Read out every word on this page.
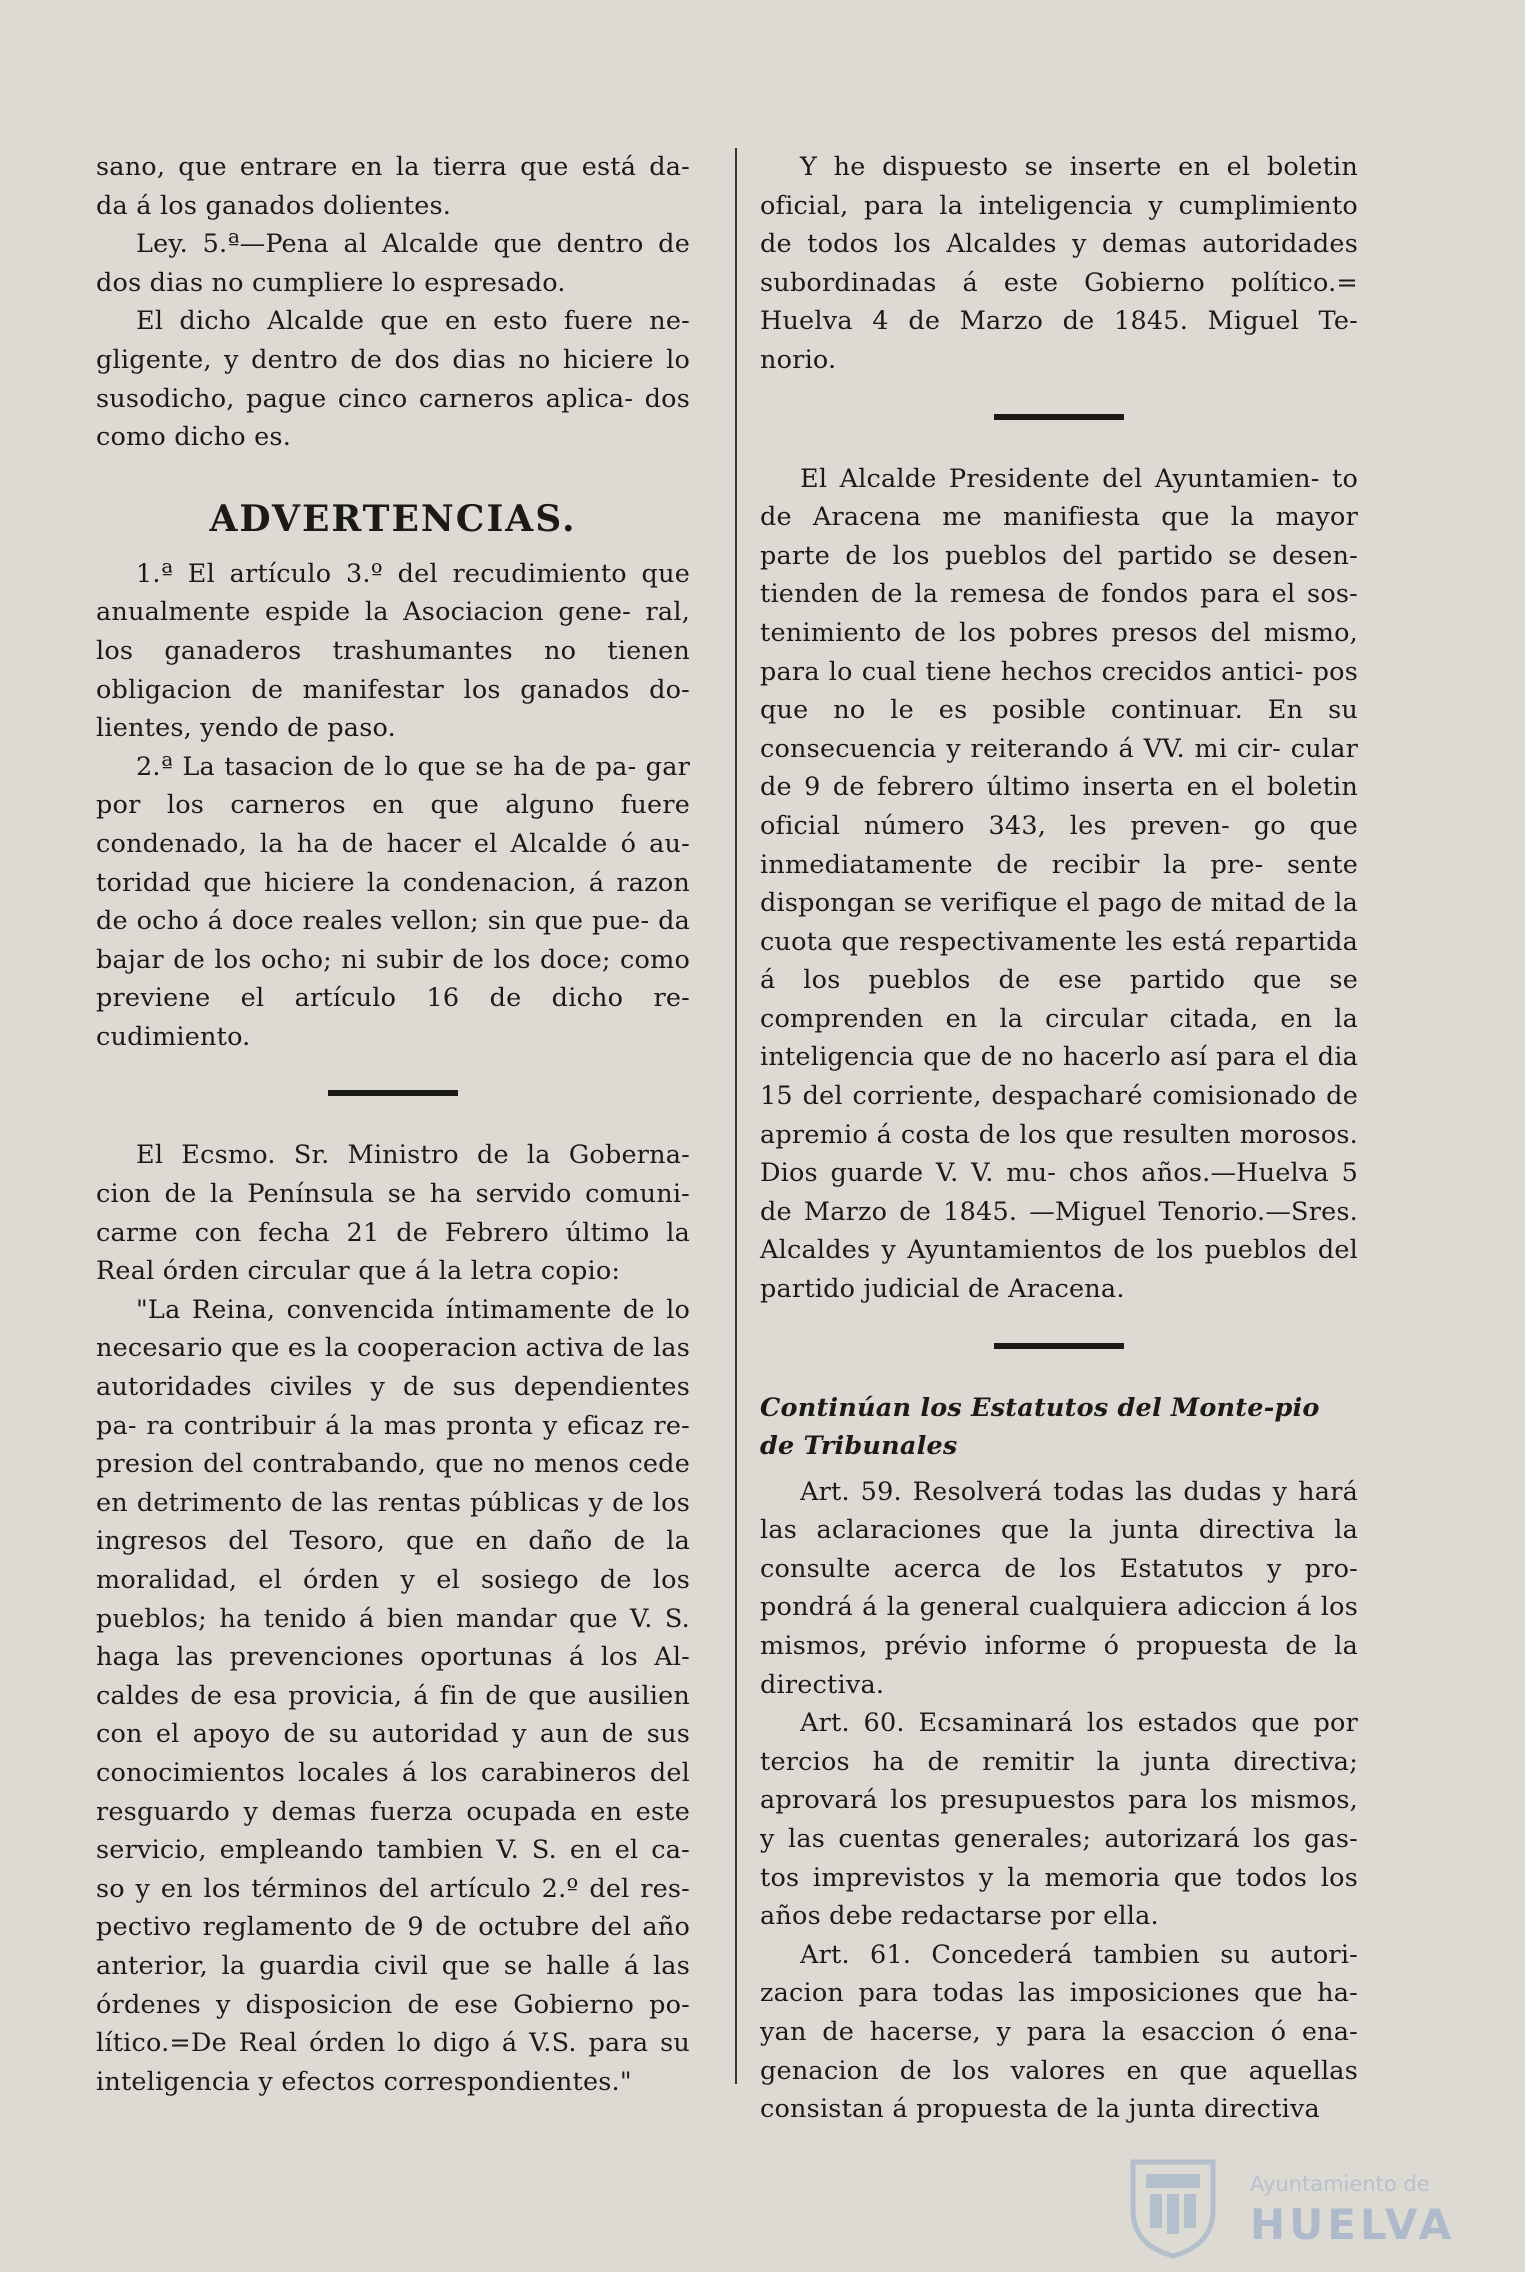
sano, que entrare en la tierra que está da- da á los ganados dolientes.

Ley. 5.ª—Pena al Alcalde que dentro de dos dias no cumpliere lo espresado.

El dicho Alcalde que en esto fuere ne- gligente, y dentro de dos dias no hiciere lo susodicho, pague cinco carneros aplica- dos como dicho es.

ADVERTENCIAS.

1.ª El artículo 3.º del recudimiento que anualmente espide la Asociacion gene- ral, los ganaderos trashumantes no tienen obligacion de manifestar los ganados do- lientes, yendo de paso.

2.ª La tasacion de lo que se ha de pa- gar por los carneros en que alguno fuere condenado, la ha de hacer el Alcalde ó au- toridad que hiciere la condenacion, á razon de ocho á doce reales vellon; sin que pue- da bajar de los ocho; ni subir de los doce; como previene el artículo 16 de dicho re- cudimiento.

El Ecsmo. Sr. Ministro de la Goberna- cion de la Península se ha servido comuni- carme con fecha 21 de Febrero último la Real órden circular que á la letra copio:

"La Reina, convencida íntimamente de lo necesario que es la cooperacion activa de las autoridades civiles y de sus dependientes pa- ra contribuir á la mas pronta y eficaz re- presion del contrabando, que no menos cede en detrimento de las rentas públicas y de los ingresos del Tesoro, que en daño de la moralidad, el órden y el sosiego de los pueblos; ha tenido á bien mandar que V. S. haga las prevenciones oportunas á los Al- caldes de esa provicia, á fin de que ausilien con el apoyo de su autoridad y aun de sus conocimientos locales á los carabineros del resguardo y demas fuerza ocupada en este servicio, empleando tambien V. S. en el ca- so y en los términos del artículo 2.º del res- pectivo reglamento de 9 de octubre del año anterior, la guardia civil que se halle á las órdenes y disposicion de ese Gobierno po- lítico.=De Real órden lo digo á V.S. para su inteligencia y efectos correspondientes."

Y he dispuesto se inserte en el boletin oficial, para la inteligencia y cumplimiento de todos los Alcaldes y demas autoridades subordinadas á este Gobierno político.= Huelva 4 de Marzo de 1845. Miguel Te- norio.

El Alcalde Presidente del Ayuntamien- to de Aracena me manifiesta que la mayor parte de los pueblos del partido se desen- tienden de la remesa de fondos para el sos- tenimiento de los pobres presos del mismo, para lo cual tiene hechos crecidos antici- pos que no le es posible continuar. En su consecuencia y reiterando á VV. mi cir- cular de 9 de febrero último inserta en el boletin oficial número 343, les preven- go que inmediatamente de recibir la pre- sente dispongan se verifique el pago de mitad de la cuota que respectivamente les está repartida á los pueblos de ese partido que se comprenden en la circular citada, en la inteligencia que de no hacerlo así para el dia 15 del corriente, despacharé comisionado de apremio á costa de los que resulten morosos. Dios guarde V. V. mu- chos años.—Huelva 5 de Marzo de 1845. —Miguel Tenorio.—Sres. Alcaldes y Ayuntamientos de los pueblos del partido judicial de Aracena.

Continúan los Estatutos del Monte-pio de Tribunales

Art. 59. Resolverá todas las dudas y hará las aclaraciones que la junta directiva la consulte acerca de los Estatutos y pro- pondrá á la general cualquiera adiccion á los mismos, prévio informe ó propuesta de la directiva.

Art. 60. Ecsaminará los estados que por tercios ha de remitir la junta directiva; aprovará los presupuestos para los mismos, y las cuentas generales; autorizará los gas- tos imprevistos y la memoria que todos los años debe redactarse por ella.

Art. 61. Concederá tambien su autori- zacion para todas las imposiciones que ha- yan de hacerse, y para la esaccion ó ena- genacion de los valores en que aquellas consistan á propuesta de la junta directiva

Ayuntamiento de
HUELVA
